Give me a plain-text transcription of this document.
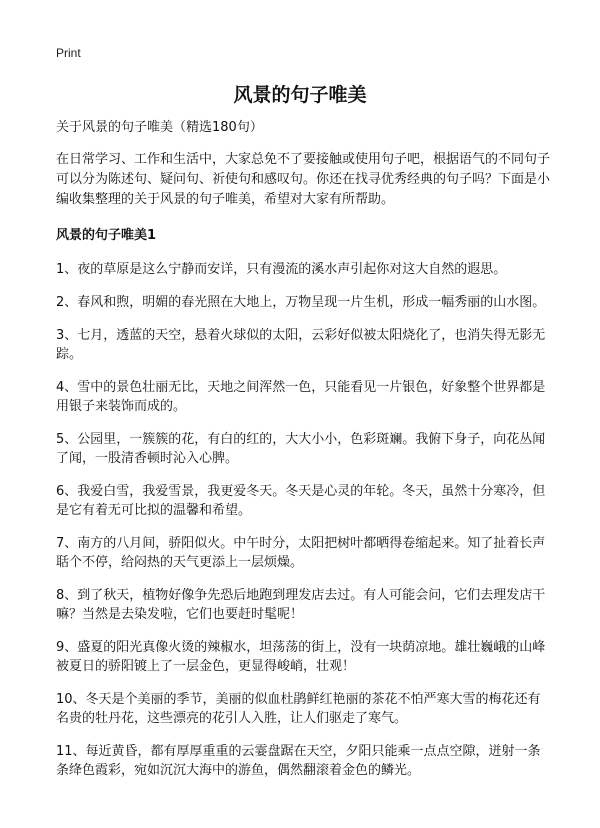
Print
风景的句子唯美
关于风景的句子唯美（精选180句）
在日常学习、工作和生活中，大家总免不了要接触或使用句子吧，根据语气的不同句子可以分为陈述句、疑问句、祈使句和感叹句。你还在找寻优秀经典的句子吗？下面是小编收集整理的关于风景的句子唯美，希望对大家有所帮助。
风景的句子唯美1
1、夜的草原是这么宁静而安详，只有漫流的溪水声引起你对这大自然的遐思。
2、春风和煦，明媚的春光照在大地上，万物呈现一片生机，形成一幅秀丽的山水图。
3、七月，透蓝的天空，悬着火球似的太阳，云彩好似被太阳烧化了，也消失得无影无踪。
4、雪中的景色壮丽无比，天地之间浑然一色，只能看见一片银色，好象整个世界都是用银子来装饰而成的。
5、公园里，一簇簇的花，有白的红的，大大小小，色彩斑斓。我俯下身子，向花丛闻了闻，一股清香顿时沁入心脾。
6、我爱白雪，我爱雪景，我更爱冬天。冬天是心灵的年轮。冬天，虽然十分寒冷，但是它有着无可比拟的温馨和希望。
7、南方的八月间，骄阳似火。中午时分，太阳把树叶都晒得卷缩起来。知了扯着长声聒个不停，给闷热的天气更添上一层烦燥。
8、到了秋天，植物好像争先恐后地跑到理发店去过。有人可能会问，它们去理发店干嘛？当然是去染发啦，它们也要赶时髦呢！
9、盛夏的阳光真像火烫的辣椒水，坦荡荡的街上，没有一块荫凉地。雄壮巍峨的山峰被夏日的骄阳镀上了一层金色，更显得峻峭，壮观！
10、冬天是个美丽的季节，美丽的似血杜鹃鲜红艳丽的茶花不怕严寒大雪的梅花还有名贵的牡丹花，这些漂亮的花引人入胜，让人们驱走了寒气。
11、每近黄昏，都有厚厚重重的云霎盘踞在天空，夕阳只能乘一点点空隙，迸射一条条绛色霞彩，宛如沉沉大海中的游鱼，偶然翻滚着金色的鳞光。
